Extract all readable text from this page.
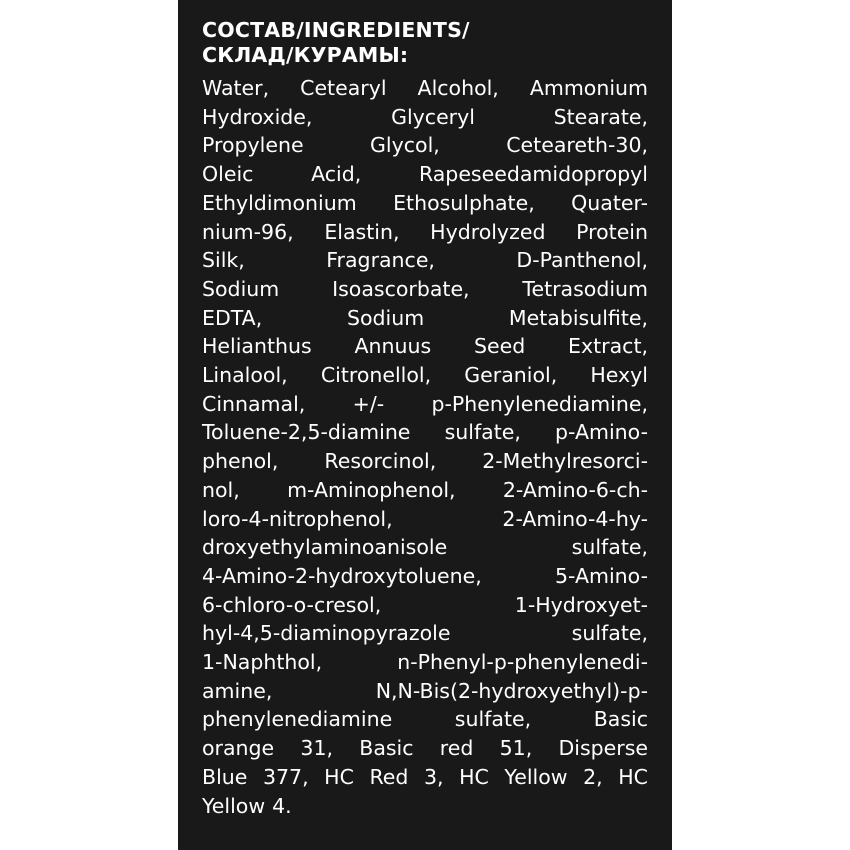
СОСТАВ/INGREDIENTS/
СКЛАД/КУРАМЫ:
Water, Cetearyl Alcohol, Ammonium
Hydroxide, Glyceryl Stearate,
Propylene Glycol, Ceteareth-30,
Oleic Acid, Rapeseedamidopropyl
Ethyldimonium Ethosulphate, Quater-
nium-96, Elastin, Hydrolyzed Protein
Silk, Fragrance, D-Panthenol,
Sodium Isoascorbate, Tetrasodium
EDTA, Sodium Metabisulfite,
Helianthus Annuus Seed Extract,
Linalool, Citronellol, Geraniol, Hexyl
Cinnamal, +/- p-Phenylenediamine,
Toluene-2,5-diamine sulfate, p-Amino-
phenol, Resorcinol, 2-Methylresorci-
nol, m-Aminophenol, 2-Amino-6-ch-
loro-4-nitrophenol, 2-Amino-4-hy-
droxyethylaminoanisole sulfate,
4-Amino-2-hydroxytoluene, 5-Amino-
6-chloro-o-cresol, 1-Hydroxyet-
hyl-4,5-diaminopyrazole sulfate,
1-Naphthol, n-Phenyl-p-phenylenedi-
amine, N,N-Bis(2-hydroxyethyl)-p-
phenylenediamine sulfate, Basic
orange 31, Basic red 51, Disperse
Blue 377, HC Red 3, HC Yellow 2, HC
Yellow 4.
